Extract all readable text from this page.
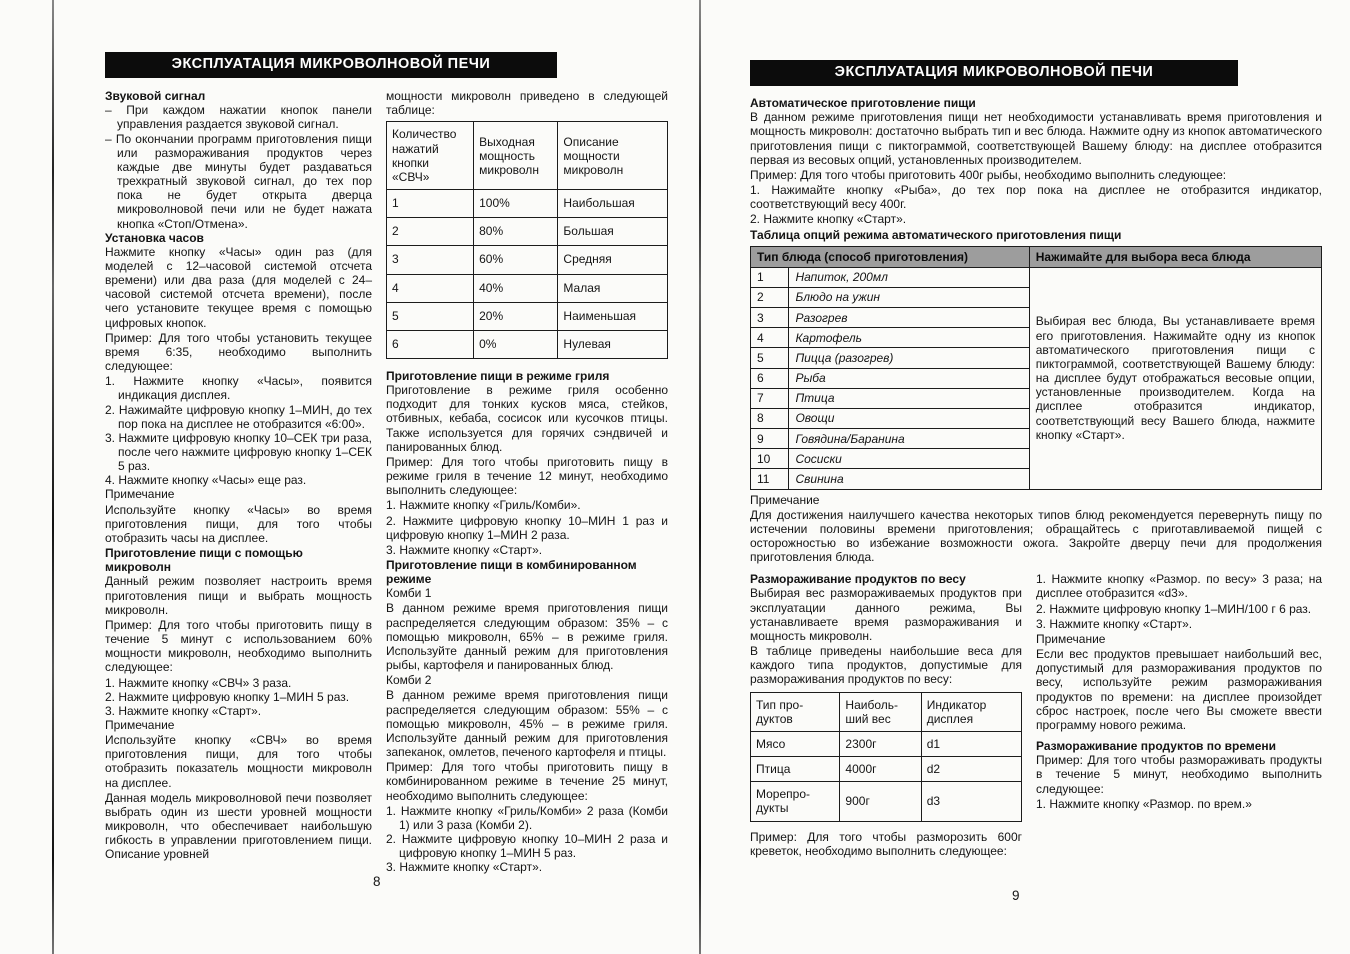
ЭКСПЛУАТАЦИЯ МИКРОВОЛНОВОЙ ПЕЧИ
Звуковой сигнал

– При каждом нажатии кнопок панели управления раздается звуковой сигнал.

– По окончании программ приготовления пищи или размораживания продуктов через каждые две минуты будет раздаваться трехкратный звуковой сигнал, до тех пор пока не будет открыта дверца микроволновой печи или не будет нажата кнопка «Стоп/Отмена».

Установка часов

Нажмите кнопку «Часы» один раз (для моделей с 12–часовой системой отсчета времени) или два раза (для моделей с 24–часовой системой отсчета времени), после чего установите текущее время с помощью цифровых кнопок.

Пример: Для того чтобы установить текущее время 6:35, необходимо выполнить следующее:

1. Нажмите кнопку «Часы», появится индикация дисплея.

2. Нажимайте цифровую кнопку 1–МИН, до тех пор пока на дисплее не отобразится «6:00».

3. Нажмите цифровую кнопку 10–СЕК три раза, после чего нажмите цифровую кнопку 1–СЕК 5 раз.

4. Нажмите кнопку «Часы» еще раз.

Примечание

Используйте кнопку «Часы» во время приготовления пищи, для того чтобы отобразить часы на дисплее.

Приготовление пищи с помощью микроволн

Данный режим позволяет настроить время приготовления пищи и выбрать мощность микроволн.

Пример: Для того чтобы приготовить пищу в течение 5 минут с использованием 60% мощности микроволн, необходимо выполнить следующее:

1. Нажмите кнопку «СВЧ» 3 раза.

2. Нажмите цифровую кнопку 1–МИН 5 раз.

3. Нажмите кнопку «Старт».

Примечание

Используйте кнопку «СВЧ» во время приготовления пищи, для того чтобы отобразить показатель мощности микроволн на дисплее.

Данная модель микроволновой печи позволяет выбрать один из шести уровней мощности микроволн, что обеспечивает наибольшую гибкость в управлении приготовлением пищи. Описание уровней

мощности микроволн приведено в следующей таблице:

Количество нажатий кнопки «СВЧ»	Выходная мощность микроволн	Описание мощности микроволн
1	100%	Наибольшая
2	80%	Большая
3	60%	Средняя
4	40%	Малая
5	20%	Наименьшая
6	0%	Нулевая
Приготовление пищи в режиме гриля

Приготовление в режиме гриля особенно подходит для тонких кусков мяса, стейков, отбивных, кебаба, сосисок или кусочков птицы. Также используется для горячих сэндвичей и панированных блюд.

Пример: Для того чтобы приготовить пищу в режиме гриля в течение 12 минут, необходимо выполнить следующее:

1. Нажмите кнопку «Гриль/Комби».

2. Нажмите цифровую кнопку 10–МИН 1 раз и цифровую кнопку 1–МИН 2 раза.

3. Нажмите кнопку «Старт».

Приготовление пищи в комбинированном режиме

Комби 1

В данном режиме время приготовления пищи распределяется следующим образом: 35% – с помощью микроволн, 65% – в режиме гриля. Используйте данный режим для приготовления рыбы, картофеля и панированных блюд.

Комби 2

В данном режиме время приготовления пищи распределяется следующим образом: 55% – с помощью микроволн, 45% – в режиме гриля. Используйте данный режим для приготовления запеканок, омлетов, печеного картофеля и птицы.

Пример: Для того чтобы приготовить пищу в комбинированном режиме в течение 25 минут, необходимо выполнить следующее:

1. Нажмите кнопку «Гриль/Комби» 2 раза (Комби 1) или 3 раза (Комби 2).

2. Нажмите цифровую кнопку 10–МИН 2 раза и цифровую кнопку 1–МИН 5 раз.

3. Нажмите кнопку «Старт».

8
ЭКСПЛУАТАЦИЯ МИКРОВОЛНОВОЙ ПЕЧИ
Автоматическое приготовление пищи

В данном режиме приготовления пищи нет необходимости устанавливать время приготовления и мощность микроволн: достаточно выбрать тип и вес блюда. Нажмите одну из кнопок автоматического приготовления пищи с пиктограммой, соответствующей Вашему блюду: на дисплее отобразится первая из весовых опций, установленных производителем.

Пример: Для того чтобы приготовить 400г рыбы, необходимо выполнить следующее:

1. Нажимайте кнопку «Рыба», до тех пор пока на дисплее не отобразится индикатор, соответствующий весу 400г.

2. Нажмите кнопку «Старт».

Таблица опций режима автоматического приготовления пищи
Тип блюда (способ приготовления)		Нажимайте для выбора веса блюда
1	Напиток, 200мл	Выбирая вес блюда, Вы устанавливаете время его приготовления. Нажимайте одну из кнопок автоматического приготовления пищи с пиктограммой, соответствующей Вашему блюду: на дисплее будут отображаться весовые опции, установленные производителем. Когда на дисплее отобразится индикатор, соответствующий весу Вашего блюда, нажмите кнопку «Старт».
2	Блюдо на ужин	
3	Разогрев	
4	Картофель	
5	Пицца (разогрев)	
6	Рыба	
7	Птица	
8	Овощи	
9	Говядина/Баранина	
10	Сосиски	
11	Свинина	

Примечание

Для достижения наилучшего качества некоторых типов блюд рекомендуется перевернуть пищу по истечении половины времени приготовления; обращайтесь с приготавливаемой пищей с осторожностью во избежание возможности ожога. Закройте дверцу печи для продолжения приготовления блюда.

Размораживание продуктов по весу

Выбирая вес размораживаемых продуктов при эксплуатации данного режима, Вы устанавливаете время размораживания и мощность микроволн.

В таблице приведены наибольшие веса для каждого типа продуктов, допустимые для размораживания продуктов по весу:

Тип продуктов	Наибольший вес	Индикатор дисплея
Мясо	2300г	d1
Птица	4000г	d2
Морепродукты	900г	d3

Пример: Для того чтобы разморозить 600г креветок, необходимо выполнить следующее:

1. Нажмите кнопку «Размор. по весу» 3 раза; на дисплее отобразится «d3».

2. Нажмите цифровую кнопку 1–МИН/100 г 6 раз.

3. Нажмите кнопку «Старт».

Примечание

Если вес продуктов превышает наибольший вес, допустимый для размораживания продуктов по весу, используйте режим размораживания продуктов по времени: на дисплее произойдет сброс настроек, после чего Вы сможете ввести программу нового режима.

Размораживание продуктов по времени

Пример: Для того чтобы размораживать продукты в течение 5 минут, необходимо выполнить следующее:

1. Нажмите кнопку «Размор. по врем.»

9
